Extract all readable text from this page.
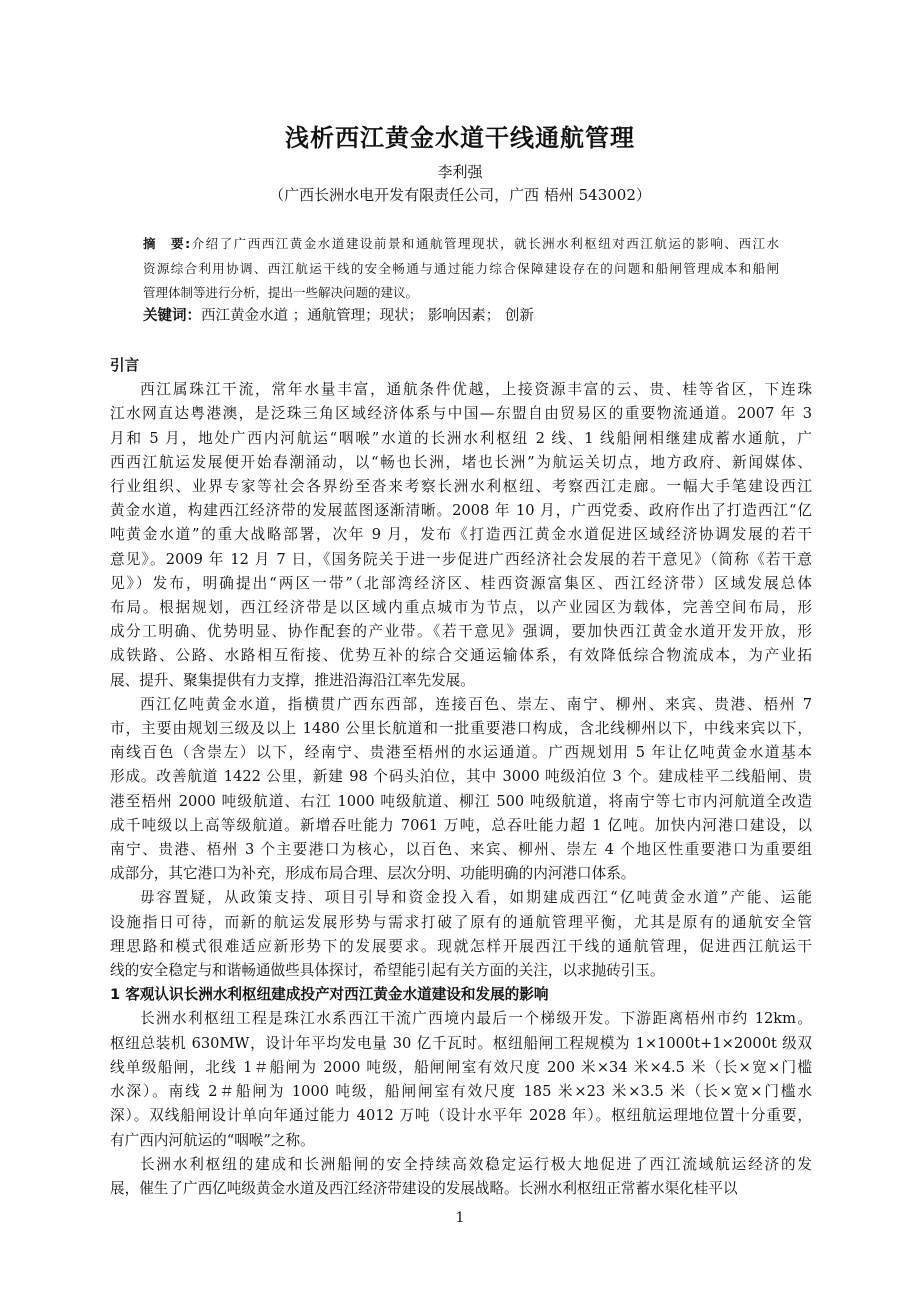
浅析西江黄金水道干线通航管理
李利强
（广西长洲水电开发有限责任公司，广西 梧州 543002）
摘　要:介绍了广西西江黄金水道建设前景和通航管理现状，就长洲水利枢纽对西江航运的影响、西江水
资源综合利用协调、西江航运干线的安全畅通与通过能力综合保障建设存在的问题和船闸管理成本和船闸
管理体制等进行分析，提出一些解决问题的建议。
关键词：西江黄金水道 ；通航管理；现状； 影响因素； 创新
引言
西江属珠江干流，常年水量丰富，通航条件优越，上接资源丰富的云、贵、桂等省区，下连珠
江水网直达粤港澳，是泛珠三角区域经济体系与中国—东盟自由贸易区的重要物流通道。2007 年 3
月和 5 月，地处广西内河航运“咽喉”水道的长洲水利枢纽 2 线、1 线船闸相继建成蓄水通航，广
西西江航运发展便开始春潮涌动，以“畅也长洲，堵也长洲”为航运关切点，地方政府、新闻媒体、
行业组织、业界专家等社会各界纷至沓来考察长洲水利枢纽、考察西江走廊。一幅大手笔建设西江
黄金水道，构建西江经济带的发展蓝图逐渐清晰。2008 年 10 月，广西党委、政府作出了打造西江“亿
吨黄金水道”的重大战略部署，次年 9 月，发布《打造西江黄金水道促进区域经济协调发展的若干
意见》。2009 年 12 月 7 日，《国务院关于进一步促进广西经济社会发展的若干意见》（简称《若干意
见》）发布，明确提出“两区一带”（北部湾经济区、桂西资源富集区、西江经济带）区域发展总体
布局。根据规划，西江经济带是以区域内重点城市为节点，以产业园区为载体，完善空间布局，形
成分工明确、优势明显、协作配套的产业带。《若干意见》强调，要加快西江黄金水道开发开放，形
成铁路、公路、水路相互衔接、优势互补的综合交通运输体系，有效降低综合物流成本，为产业拓
展、提升、聚集提供有力支撑，推进沿海沿江率先发展。
西江亿吨黄金水道，指横贯广西东西部，连接百色、崇左、南宁、柳州、来宾、贵港、梧州 7
市，主要由规划三级及以上 1480 公里长航道和一批重要港口构成，含北线柳州以下，中线来宾以下，
南线百色（含崇左）以下，经南宁、贵港至梧州的水运通道。广西规划用 5 年让亿吨黄金水道基本
形成。改善航道 1422 公里，新建 98 个码头泊位，其中 3000 吨级泊位 3 个。建成桂平二线船闸、贵
港至梧州 2000 吨级航道、右江 1000 吨级航道、柳江 500 吨级航道，将南宁等七市内河航道全改造
成千吨级以上高等级航道。新增吞吐能力 7061 万吨，总吞吐能力超 1 亿吨。加快内河港口建设，以
南宁、贵港、梧州 3 个主要港口为核心，以百色、来宾、柳州、崇左 4 个地区性重要港口为重要组
成部分，其它港口为补充，形成布局合理、层次分明、功能明确的内河港口体系。
毋容置疑，从政策支持、项目引导和资金投入看，如期建成西江“亿吨黄金水道”产能、运能
设施指日可待，而新的航运发展形势与需求打破了原有的通航管理平衡，尤其是原有的通航安全管
理思路和模式很难适应新形势下的发展要求。现就怎样开展西江干线的通航管理，促进西江航运干
线的安全稳定与和谐畅通做些具体探讨，希望能引起有关方面的关注，以求抛砖引玉。
1 客观认识长洲水利枢纽建成投产对西江黄金水道建设和发展的影响
长洲水利枢纽工程是珠江水系西江干流广西境内最后一个梯级开发。下游距离梧州市约 12km。
枢纽总装机 630MW，设计年平均发电量 30 亿千瓦时。枢纽船闸工程规模为 1×1000t+1×2000t 级双
线单级船闸，北线 1＃船闸为 2000 吨级，船闸闸室有效尺度 200 米×34 米×4.5 米（长×宽×门槛
水深）。南线 2＃船闸为 1000 吨级，船闸闸室有效尺度 185 米×23 米×3.5 米（长×宽×门槛水
深）。双线船闸设计单向年通过能力 4012 万吨（设计水平年 2028 年）。枢纽航运理地位置十分重要，
有广西内河航运的“咽喉”之称。
长洲水利枢纽的建成和长洲船闸的安全持续高效稳定运行极大地促进了西江流域航运经济的发
展，催生了广西亿吨级黄金水道及西江经济带建设的发展战略。长洲水利枢纽正常蓄水渠化桂平以
1
